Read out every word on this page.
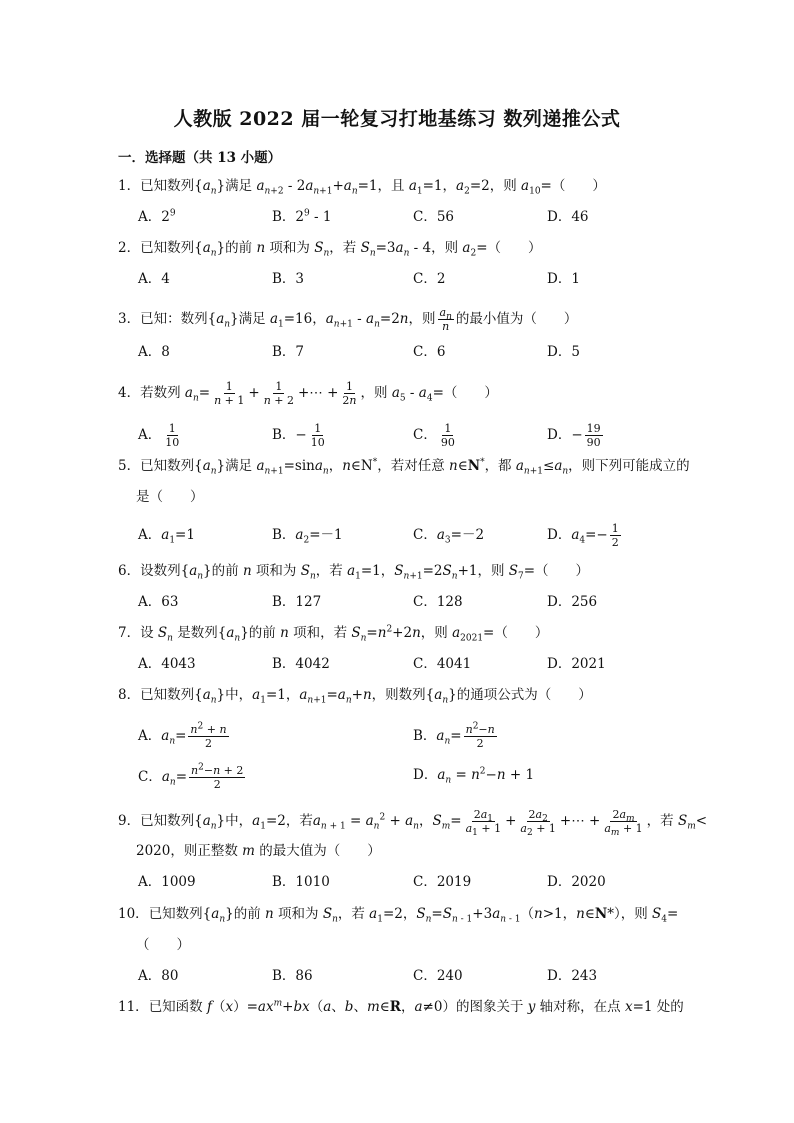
人教版 2022 届一轮复习打地基练习 数列递推公式
一．选择题（共 13 小题）
1．已知数列$\{a_n\}$满足 $a_{n+2} - 2a_{n+1}+a_n=1$，且 $a_1=1$，$a_2=2$，则 $a_{10}=$（　　）
A．$2^9$	B．$2^9 - 1$	C．56	D．46
2．已知数列$\{a_n\}$的前 n 项和为 $S_n$，若 $S_n=3a_n - 4$，则 $a_2=$（　　）
A．4	B．3	C．2	D．1
3．已知：数列$\{a_n\}$满足 $a_1=16$，$a_{n+1} - a_n=2n$，则 $\frac{a_n}{n}$ 的最小值为（　　）
A．8	B．7	C．6	D．5
4．若数列 $a_n= \frac{1}{n + 1} + \frac{1}{n + 2}$ +⋯ + $\frac{1}{2n}$ ，则 $a_5 - a_4=$（　　）
A． $\frac{1}{10}$	B．− $\frac{1}{10}$	C． $\frac{1}{90}$	D．− $\frac{19}{90}$
5．已知数列$\{a_n\}$满足 $a_{n+1}=\sin a_n$，n∈N*，若对任意 n∈N*，都 $a_{n+1}\le a_n$，则下列可能成立的
是（　　）
A．$a_1=1$	B．$a_2=-1$	C．$a_3=-2$	D．$a_4=- \frac{1}{2}$
6．设数列$\{a_n\}$的前 n 项和为 $S_n$，若 $a_1=1$，$S_{n+1}=2S_n+1$，则 $S_7=$（　　）
A．63	B．127	C．128	D．256
7．设 $S_n$ 是数列$\{a_n\}$的前 n 项和，若 $S_n=n^2+2n$，则 $a_{2021}=$（　　）
A．4043	B．4042	C．4041	D．2021
8．已知数列$\{a_n\}$中，$a_1=1$，$a_{n+1}=a_n+n$，则数列$\{a_n\}$的通项公式为（　　）
A．$a_n= \frac{n^2 + n}{2}$	B．$a_n= \frac{n^2-n}{2}$
C．$a_n= \frac{n^2-n + 2}{2}$	D．$a_n = n^2-n + 1$
9．已知数列$\{a_n\}$中，$a_1=2$，若$a_{n + 1} = a_n^2 + a_n$，$S_m= \frac{2a_1}{a_1 + 1} + \frac{2a_2}{a_2 + 1}$ +⋯ + $\frac{2a_m}{a_m + 1}$ ，若 $S_m<$
2020，则正整数 m 的最大值为（　　）
A．1009	B．1010	C．2019	D．2020
10．已知数列$\{a_n\}$的前 n 项和为 $S_n$，若 $a_1=2$，$S_n=S_{n - 1}+3a_{n - 1}(n>1$，n∈N*），则 $S_4=$
（　　）
A．80	B．86	C．240	D．243
11．已知函数 $f(x)=ax^m+bx(a$、b、m∈R，a≠0）的图象关于 y 轴对称，在点 x=1 处的
